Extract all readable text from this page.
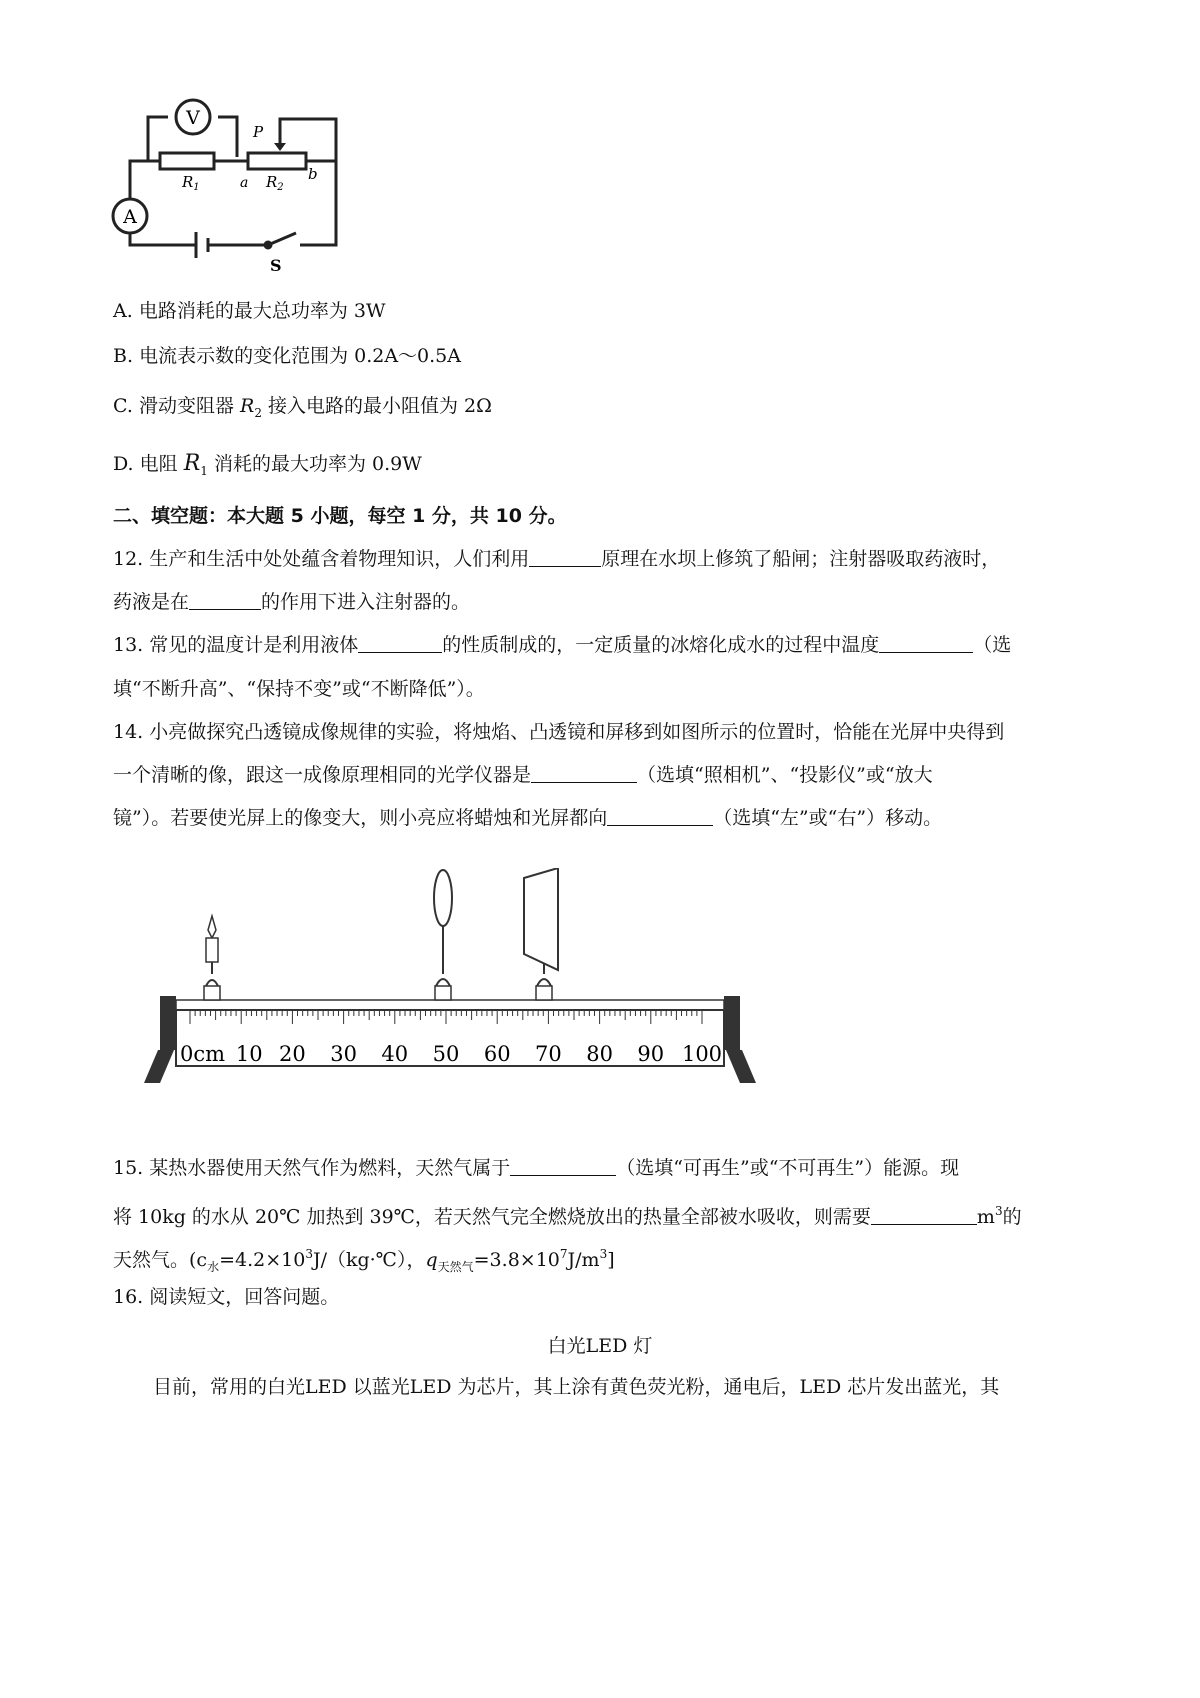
V
$R_1$	a $R_2$
b
P
A
S
A. 电路消耗的最大总功率为 3W
B. 电流表示数的变化范围为 0.2A～0.5A
C. 滑动变阻器 $R_2$ 接入电路的最小阻值为 2Ω
D. 电阻 $R_1$ 消耗的最大功率为 0.9W
二、填空题：本大题 5 小题，每空 1 分，共 10 分。
12. 生产和生活中处处蕴含着物理知识，人们利用	原理在水坝上修筑了船闸；注射器吸取药液时，
药液是在	的作用下进入注射器的。
13. 常见的温度计是利用液体	的性质制成的，一定质量的冰熔化成水的过程中温度	（选
填“不断升高”、“保持不变”或“不断降低”）。
14. 小亮做探究凸透镜成像规律的实验，将烛焰、凸透镜和屏移到如图所示的位置时，恰能在光屏中央得到
一个清晰的像，跟这一成像原理相同的光学仪器是	（选填“照相机”、“投影仪”或“放大
镜”）。若要使光屏上的像变大，则小亮应将蜡烛和光屏都向	（选填“左”或“右”）移动。
0cm 10 20 30 40 50 60 70 80 90 100
15. 某热水器使用天然气作为燃料，天然气属于	（选填“可再生”或“不可再生”）能源。现
将 10kg 的水从 20℃ 加热到 39℃，若天然气完全燃烧放出的热量全部被水吸收，则需要	$m^3$的
天然气。($c_水=4.2\times 10^3J/(kg\cdot℃)$，$q_{天然气}=3.8\times 10^7J/m^3$]
16. 阅读短文，回答问题。
白光LED 灯
目前，常用的白光LED 以蓝光LED 为芯片，其上涂有黄色荧光粉，通电后，LED 芯片发出蓝光，其
